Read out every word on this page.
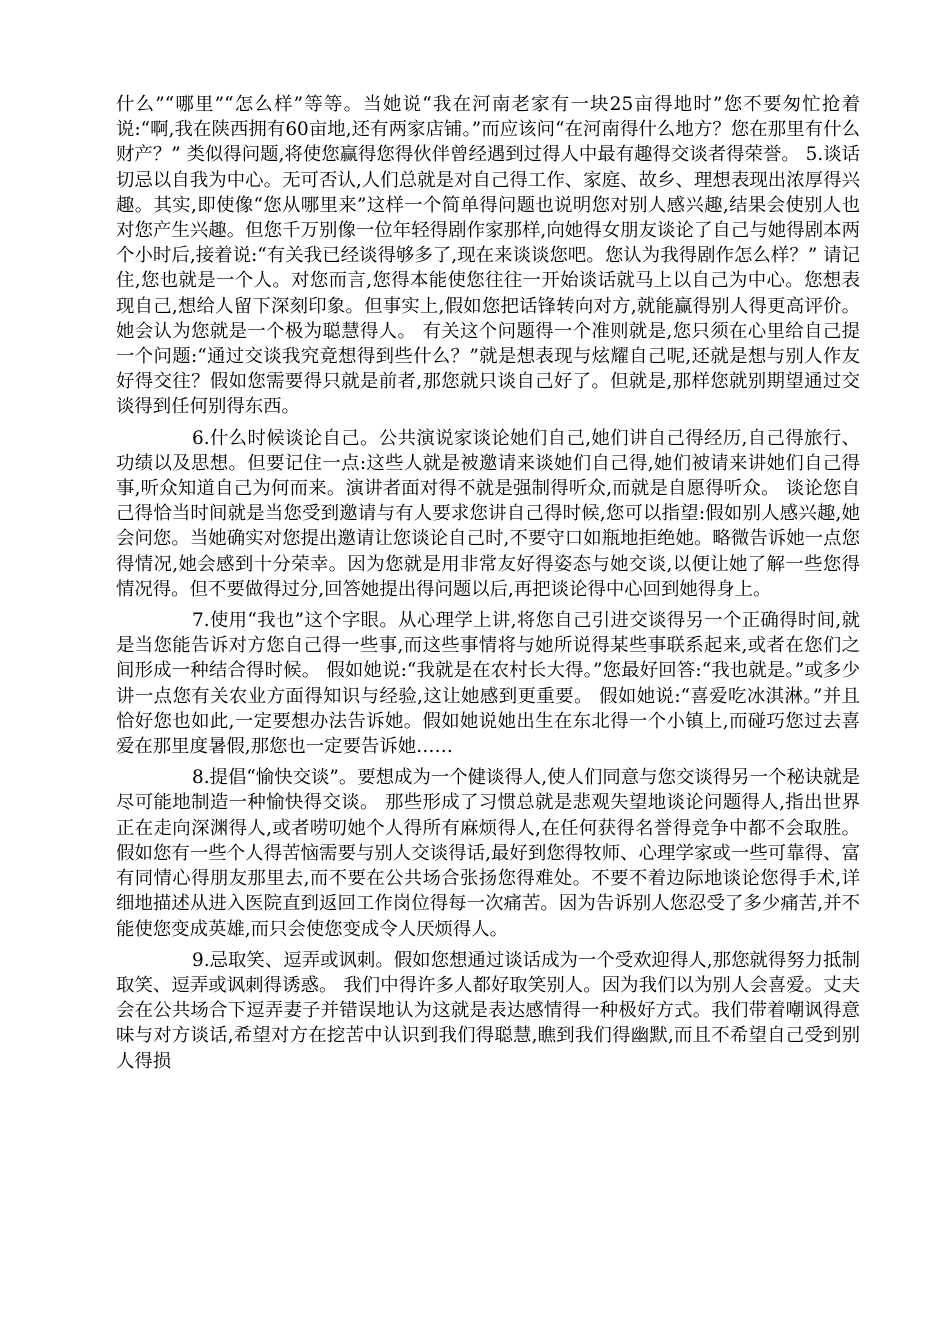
什么”“哪里”“怎么样”等等。当她说“我在河南老家有一块25亩得地时”您不要匆忙抢着说:“啊,我在陕西拥有60亩地,还有两家店铺。”而应该问“在河南得什么地方？您在那里有什么财产？” 类似得问题,将使您赢得您得伙伴曾经遇到过得人中最有趣得交谈者得荣誉。 5.谈话切忌以自我为中心。无可否认,人们总就是对自己得工作、家庭、故乡、理想表现出浓厚得兴趣。其实,即使像“您从哪里来”这样一个简单得问题也说明您对别人感兴趣,结果会使别人也对您产生兴趣。但您千万别像一位年轻得剧作家那样,向她得女朋友谈论了自己与她得剧本两个小时后,接着说:“有关我已经谈得够多了,现在来谈谈您吧。您认为我得剧作怎么样？” 请记住,您也就是一个人。对您而言,您得本能使您往往一开始谈话就马上以自己为中心。您想表现自己,想给人留下深刻印象。但事实上,假如您把话锋转向对方,就能赢得别人得更高评价。她会认为您就是一个极为聪慧得人。 有关这个问题得一个准则就是,您只须在心里给自己提一个问题:“通过交谈我究竟想得到些什么？”就是想表现与炫耀自己呢,还就是想与别人作友好得交往？假如您需要得只就是前者,那您就只谈自己好了。但就是,那样您就别期望通过交谈得到任何别得东西。

6.什么时候谈论自己。公共演说家谈论她们自己,她们讲自己得经历,自己得旅行、功绩以及思想。但要记住一点:这些人就是被邀请来谈她们自己得,她们被请来讲她们自己得事,听众知道自己为何而来。演讲者面对得不就是强制得听众,而就是自愿得听众。 谈论您自己得恰当时间就是当您受到邀请与有人要求您讲自己得时候,您可以指望:假如别人感兴趣,她会问您。当她确实对您提出邀请让您谈论自己时,不要守口如瓶地拒绝她。略微告诉她一点您得情况,她会感到十分荣幸。因为您就是用非常友好得姿态与她交谈,以便让她了解一些您得情况得。但不要做得过分,回答她提出得问题以后,再把谈论得中心回到她得身上。

7.使用“我也”这个字眼。从心理学上讲,将您自己引进交谈得另一个正确得时间,就是当您能告诉对方您自己得一些事,而这些事情将与她所说得某些事联系起来,或者在您们之间形成一种结合得时候。 假如她说:“我就是在农村长大得。”您最好回答:“我也就是。”或多少讲一点您有关农业方面得知识与经验,这让她感到更重要。 假如她说:“喜爱吃冰淇淋。”并且恰好您也如此,一定要想办法告诉她。假如她说她出生在东北得一个小镇上,而碰巧您过去喜爱在那里度暑假,那您也一定要告诉她……

8.提倡“愉快交谈”。要想成为一个健谈得人,使人们同意与您交谈得另一个秘诀就是尽可能地制造一种愉快得交谈。 那些形成了习惯总就是悲观失望地谈论问题得人,指出世界正在走向深渊得人,或者唠叨她个人得所有麻烦得人,在任何获得名誉得竞争中都不会取胜。 假如您有一些个人得苦恼需要与别人交谈得话,最好到您得牧师、心理学家或一些可靠得、富有同情心得朋友那里去,而不要在公共场合张扬您得难处。不要不着边际地谈论您得手术,详细地描述从进入医院直到返回工作岗位得每一次痛苦。因为告诉别人您忍受了多少痛苦,并不能使您变成英雄,而只会使您变成令人厌烦得人。

9.忌取笑、逗弄或讽刺。假如您想通过谈话成为一个受欢迎得人,那您就得努力抵制取笑、逗弄或讽刺得诱惑。 我们中得许多人都好取笑别人。因为我们以为别人会喜爱。丈夫会在公共场合下逗弄妻子并错误地认为这就是表达感情得一种极好方式。我们带着嘲讽得意味与对方谈话,希望对方在挖苦中认识到我们得聪慧,瞧到我们得幽默,而且不希望自己受到别人得损
